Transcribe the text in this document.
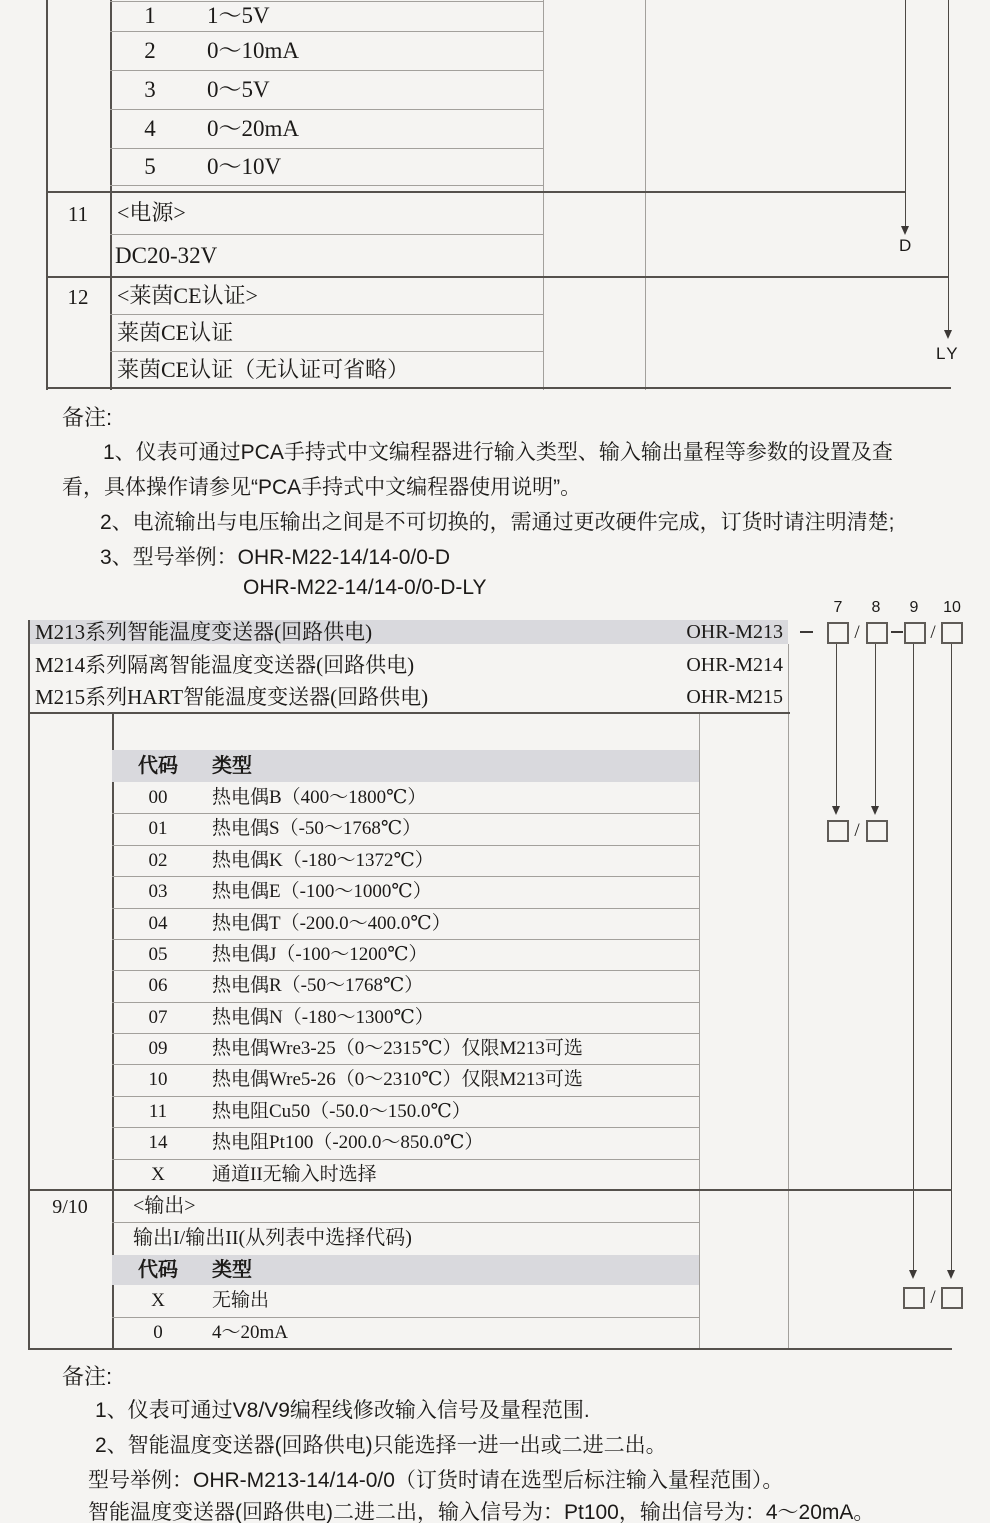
1	1～5V
2	0～10mA
3	0～5V
4	0～20mA
5	0～10V
11	<电源>
DC20-32V
12	<莱茵CE认证>
莱茵CE认证
莱茵CE认证（无认证可省略）
D
LY
备注:
1、仪表可通过PCA手持式中文编程器进行输入类型、输入输出量程等参数的设置及查
看，具体操作请参见“PCA手持式中文编程器使用说明”。
2、电流输出与电压输出之间是不可切换的，需通过更改硬件完成，订货时请注明清楚;
3、型号举例：OHR-M22-14/14-0/0-D
OHR-M22-14/14-0/0-D-LY
M213系列智能温度变送器(回路供电)	OHR-M213
M214系列隔离智能温度变送器(回路供电)	OHR-M214
M215系列HART智能温度变送器(回路供电)	OHR-M215
7	8	9	10
/	/
/
/
代码 类型
00	热电偶B（400～1800℃）
01	热电偶S（-50～1768℃）
02	热电偶K（-180～1372℃）
03	热电偶E（-100～1000℃）
04	热电偶T（-200.0～400.0℃）
05	热电偶J（-100～1200℃）
06	热电偶R（-50～1768℃）
07	热电偶N（-180～1300℃）
09	热电偶Wre3-25（0～2315℃）仅限M213可选
10	热电偶Wre5-26（0～2310℃）仅限M213可选
11	热电阻Cu50（-50.0～150.0℃）
14	热电阻Pt100（-200.0～850.0℃）
X	通道II无输入时选择
9/10	<输出>
输出I/输出II(从列表中选择代码)
代码 类型
X	无输出
0	4～20mA
备注:
1、仪表可通过V8/V9编程线修改输入信号及量程范围.
2、智能温度变送器(回路供电)只能选择一进一出或二进二出。
型号举例：OHR-M213-14/14-0/0（订货时请在选型后标注输入量程范围）。
智能温度变送器(回路供电)二进二出，输入信号为：Pt100，输出信号为：4～20mA。
